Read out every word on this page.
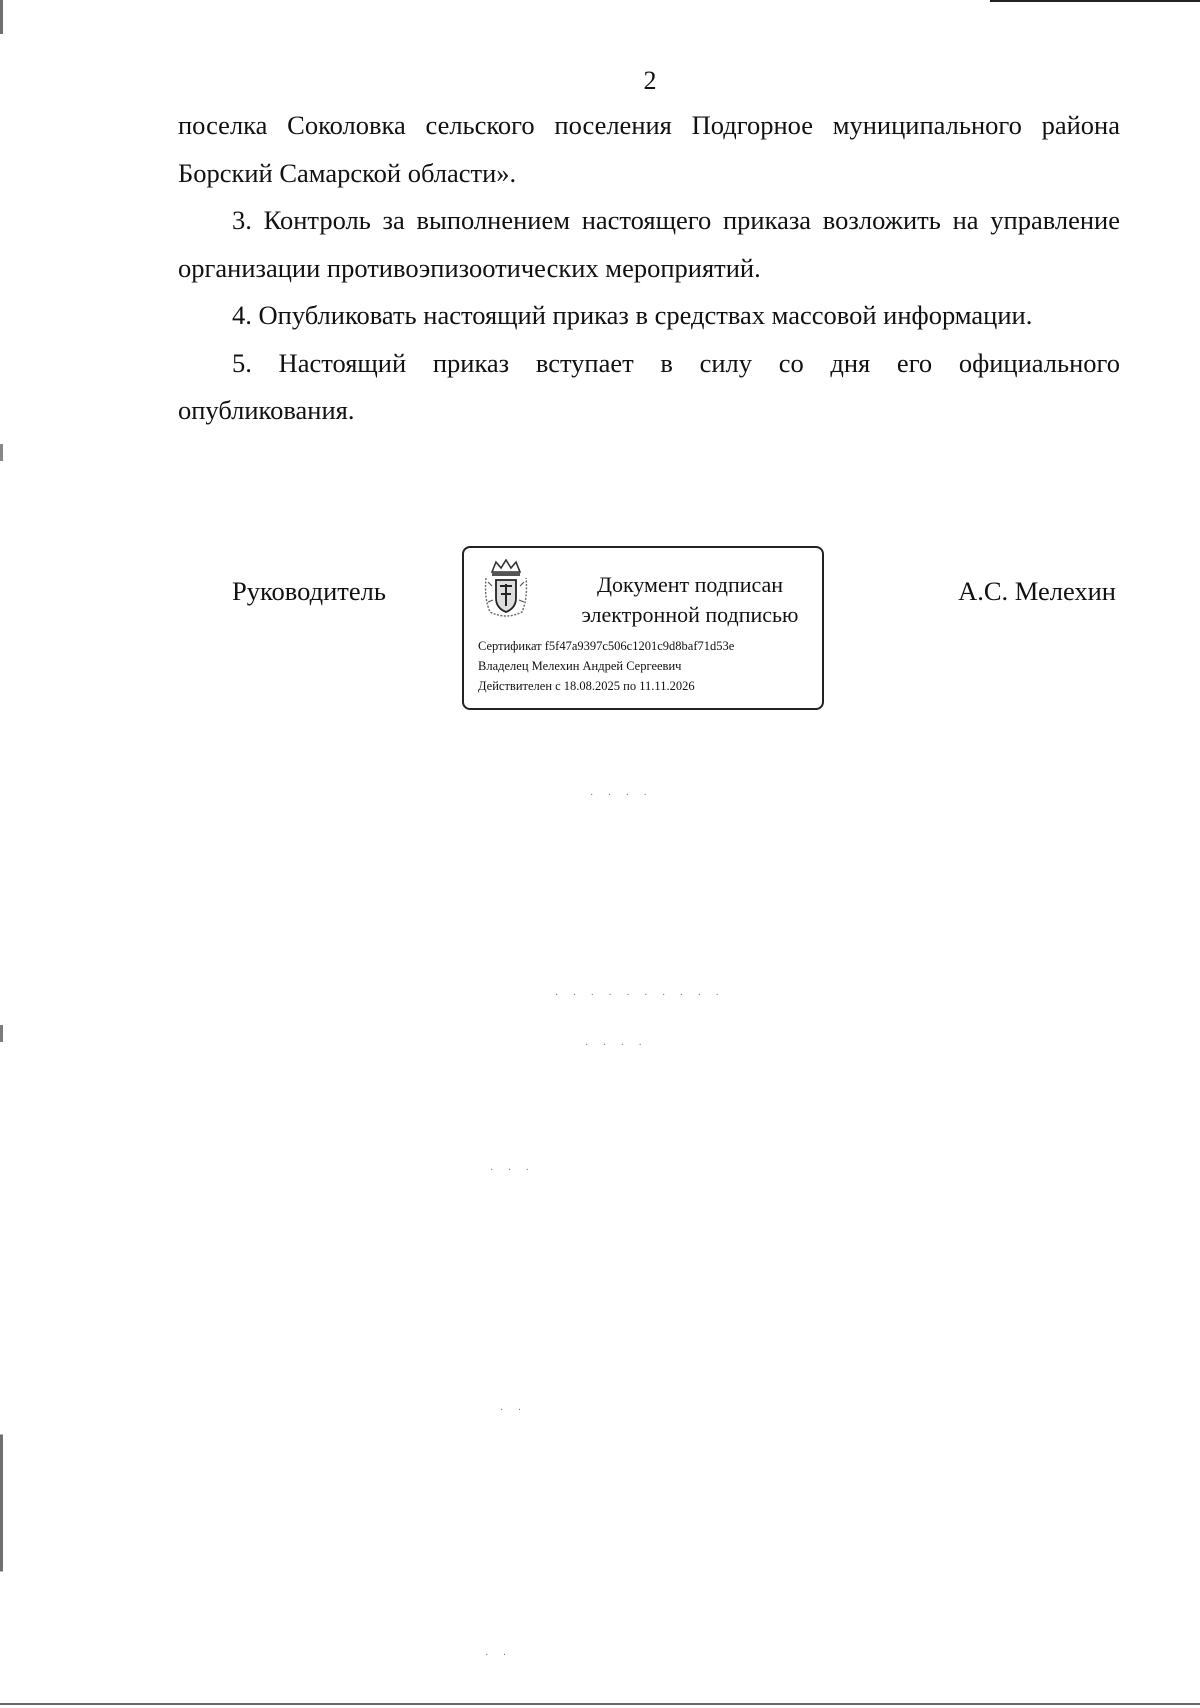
2

поселка Соколовка сельского поселения Подгорное муниципального района Борский Самарской области».

3. Контроль за выполнением настоящего приказа возложить на управление организации противоэпизоотических мероприятий.

4. Опубликовать настоящий приказ в средствах массовой информации.

5. Настоящий приказ вступает в силу со дня его официального опубликования.

Руководитель	Документ подписан
электронной подписью
Сертификат f5f47a9397c506c1201c9d8baf71d53e
Владелец Мелехин Андрей Сергеевич
Действителен с 18.08.2025 по 11.11.2026
А.С. Мелехин
· · · ·
· · · · · · · · · ·
· · · ·
· · ·
· ·
· ·
